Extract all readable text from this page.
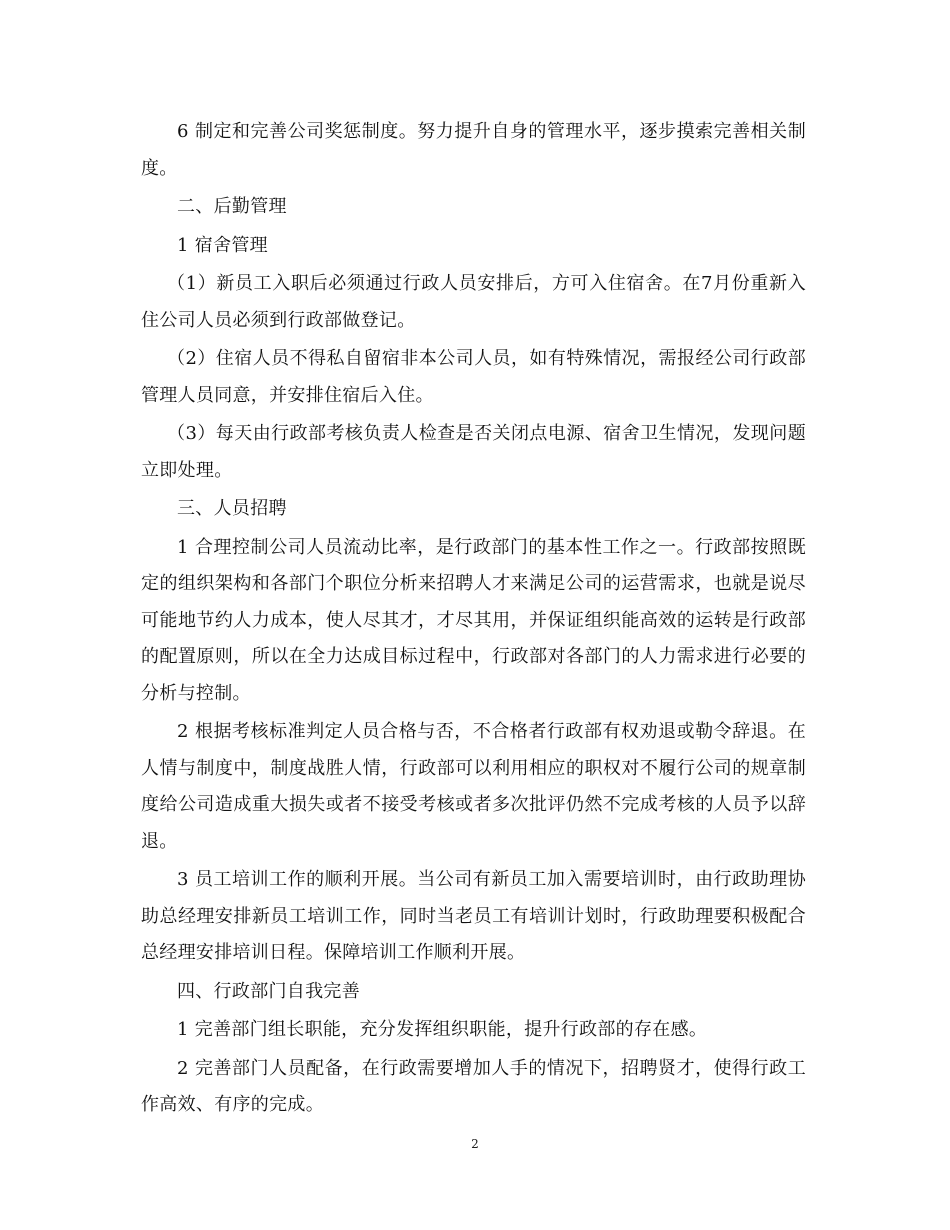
6 制定和完善公司奖惩制度。努力提升自身的管理水平，逐步摸索完善相关制度。

二、后勤管理

1 宿舍管理

（1）新员工入职后必须通过行政人员安排后，方可入住宿舍。在7月份重新入住公司人员必须到行政部做登记。

（2）住宿人员不得私自留宿非本公司人员，如有特殊情况，需报经公司行政部管理人员同意，并安排住宿后入住。

（3）每天由行政部考核负责人检查是否关闭点电源、宿舍卫生情况，发现问题立即处理。

三、人员招聘

1 合理控制公司人员流动比率，是行政部门的基本性工作之一。行政部按照既定的组织架构和各部门个职位分析来招聘人才来满足公司的运营需求，也就是说尽可能地节约人力成本，使人尽其才，才尽其用，并保证组织能高效的运转是行政部的配置原则，所以在全力达成目标过程中，行政部对各部门的人力需求进行必要的分析与控制。

2 根据考核标准判定人员合格与否，不合格者行政部有权劝退或勒令辞退。在人情与制度中，制度战胜人情，行政部可以利用相应的职权对不履行公司的规章制度给公司造成重大损失或者不接受考核或者多次批评仍然不完成考核的人员予以辞退。

3 员工培训工作的顺利开展。当公司有新员工加入需要培训时，由行政助理协助总经理安排新员工培训工作，同时当老员工有培训计划时，行政助理要积极配合总经理安排培训日程。保障培训工作顺利开展。

四、行政部门自我完善

1 完善部门组长职能，充分发挥组织职能，提升行政部的存在感。

2 完善部门人员配备，在行政需要增加人手的情况下，招聘贤才，使得行政工作高效、有序的完成。

2
